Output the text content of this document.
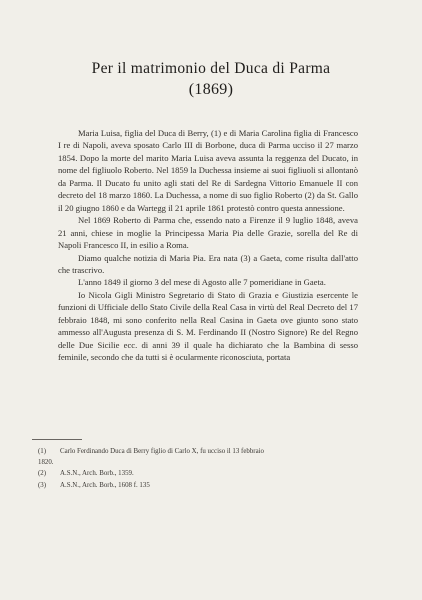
Per il matrimonio del Duca di Parma
(1869)

Maria Luisa, figlia del Duca di Berry, (1) e di Maria Carolina figlia di Francesco I re di Napoli, aveva sposato Carlo III di Borbone, duca di Parma ucciso il 27 marzo 1854. Dopo la morte del marito Maria Luisa aveva assunta la reggenza del Ducato, in nome del figliuolo Roberto. Nel 1859 la Duchessa insieme ai suoi figliuoli si allontanò da Parma. Il Ducato fu unito agli stati del Re di Sardegna Vittorio Emanuele II con decreto del 18 marzo 1860. La Duchessa, a nome di suo figlio Roberto (2) da St. Gallo il 20 giugno 1860 e da Wartegg il 21 aprile 1861 protestò contro questa annessione.

Nel 1869 Roberto di Parma che, essendo nato a Firenze il 9 luglio 1848, aveva 21 anni, chiese in moglie la Principessa Maria Pia delle Grazie, sorella del Re di Napoli Francesco II, in esilio a Roma.

Diamo qualche notizia di Maria Pia. Era nata (3) a Gaeta, come risulta dall'atto che trascrivo.

L'anno 1849 il giorno 3 del mese di Agosto alle 7 pomeridiane in Gaeta.

Io Nicola Gigli Ministro Segretario di Stato di Grazia e Giustizia esercente le funzioni di Ufficiale dello Stato Civile della Real Casa in virtù del Real Decreto del 17 febbraio 1848, mi sono conferito nella Real Casina in Gaeta ove giunto sono stato ammesso all'Augusta presenza di S. M. Ferdinando II (Nostro Signore) Re del Regno delle Due Sicilie ecc. di anni 39 il quale ha dichiarato che la Bambina di sesso feminile, secondo che da tutti si è ocularmente riconosciuta, portata

(1)	Carlo Ferdinando Duca di Berry figlio di Carlo X, fu ucciso il 13 febbraio
1820.
(2)	A.S.N., Arch. Borb., 1359.
(3)	A.S.N., Arch. Borb., 1608 f. 135
